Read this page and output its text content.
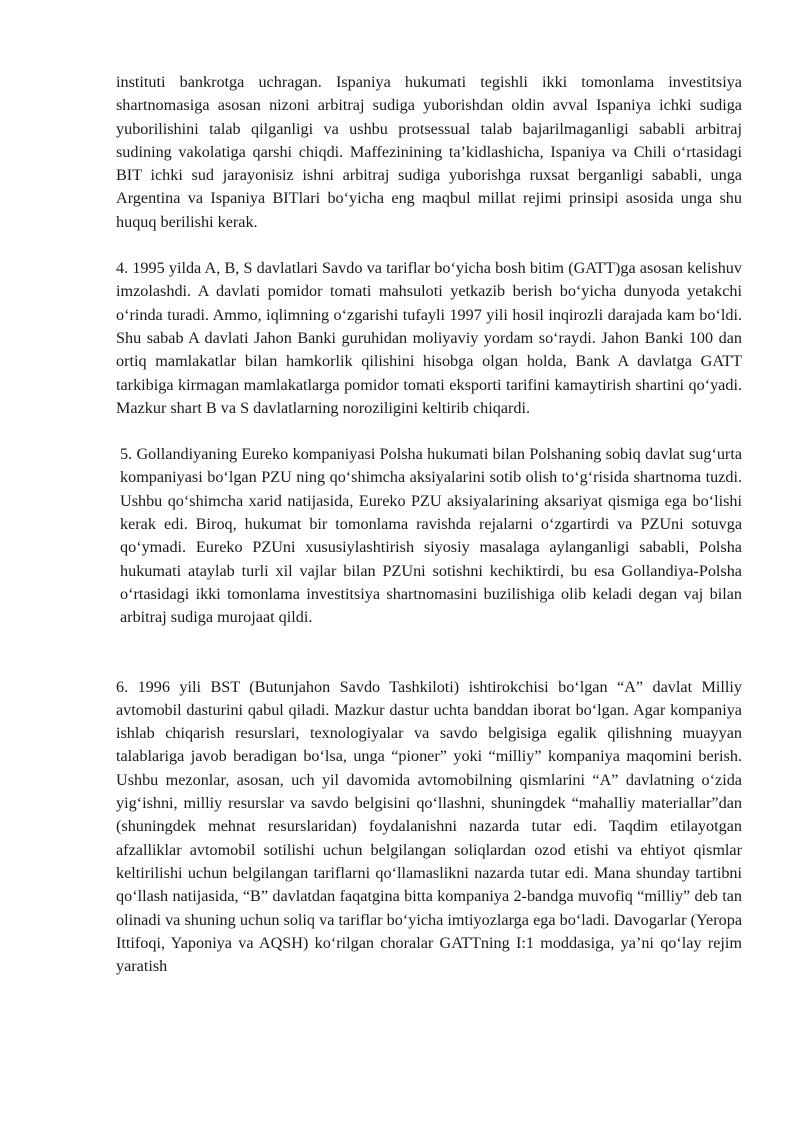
instituti bankrotga uchragan. Ispaniya hukumati tegishli ikki tomonlama investitsiya shartnomasiga asosan nizoni arbitraj sudiga yuborishdan oldin avval Ispaniya ichki sudiga yuborilishini talab qilganligi va ushbu protsessual talab bajarilmaganligi sababli arbitraj sudining vakolatiga qarshi chiqdi. Maffezinining ta’kidlashicha, Ispaniya va Chili oʻrtasidagi BIT ichki sud jarayonisiz ishni arbitraj sudiga yuborishga ruxsat berganligi sababli, unga Argentina va Ispaniya BITlari boʻyicha eng maqbul millat rejimi prinsipi asosida unga shu huquq berilishi kerak.

4. 1995 yilda A, B, S davlatlari Savdo va tariflar boʻyicha bosh bitim (GATT)ga asosan kelishuv imzolashdi. A davlati pomidor tomati mahsuloti yetkazib berish boʻyicha dunyoda yetakchi oʻrinda turadi. Ammo, iqlimning oʻzgarishi tufayli 1997 yili hosil inqirozli darajada kam boʻldi. Shu sabab A davlati Jahon Banki guruhidan moliyaviy yordam soʻraydi. Jahon Banki 100 dan ortiq mamlakatlar bilan hamkorlik qilishini hisobga olgan holda, Bank A davlatga GATT tarkibiga kirmagan mamlakatlarga pomidor tomati eksporti tarifini kamaytirish shartini qoʻyadi. Mazkur shart B va S davlatlarning noroziligini keltirib chiqardi.

5. Gollandiyaning Eureko kompaniyasi Polsha hukumati bilan Polshaning sobiq davlat sugʻurta kompaniyasi boʻlgan PZU ning qoʻshimcha aksiyalarini sotib olish toʻgʻrisida shartnoma tuzdi. Ushbu qoʻshimcha xarid natijasida, Eureko PZU aksiyalarining aksariyat qismiga ega boʻlishi kerak edi. Biroq, hukumat bir tomonlama ravishda rejalarni oʻzgartirdi va PZUni sotuvga qoʻymadi. Eureko PZUni xususiylashtirish siyosiy masalaga aylanganligi sababli, Polsha hukumati ataylab turli xil vajlar bilan PZUni sotishni kechiktirdi, bu esa Gollandiya-Polsha oʻrtasidagi ikki tomonlama investitsiya shartnomasini buzilishiga olib keladi degan vaj bilan arbitraj sudiga murojaat qildi.

6. 1996 yili BST (Butunjahon Savdo Tashkiloti) ishtirokchisi boʻlgan “A” davlat Milliy avtomobil dasturini qabul qiladi. Mazkur dastur uchta banddan iborat boʻlgan. Agar kompaniya ishlab chiqarish resurslari, texnologiyalar va savdo belgisiga egalik qilishning muayyan talablariga javob beradigan boʻlsa, unga “pioner” yoki “milliy” kompaniya maqomini berish. Ushbu mezonlar, asosan, uch yil davomida avtomobilning qismlarini “A” davlatning oʻzida yigʻishni, milliy resurslar va savdo belgisini qoʻllashni, shuningdek “mahalliy materiallar”dan (shuningdek mehnat resurslaridan) foydalanishni nazarda tutar edi. Taqdim etilayotgan afzalliklar avtomobil sotilishi uchun belgilangan soliqlardan ozod etishi va ehtiyot qismlar keltirilishi uchun belgilangan tariflarni qoʻllamaslikni nazarda tutar edi. Mana shunday tartibni qoʻllash natijasida, “B” davlatdan faqatgina bitta kompaniya 2-bandga muvofiq “milliy” deb tan olinadi va shuning uchun soliq va tariflar boʻyicha imtiyozlarga ega boʻladi. Davogarlar (Yeropa Ittifoqi, Yaponiya va AQSH) koʻrilgan choralar GATTning I:1 moddasiga, yaʼni qoʻlay rejim yaratish
